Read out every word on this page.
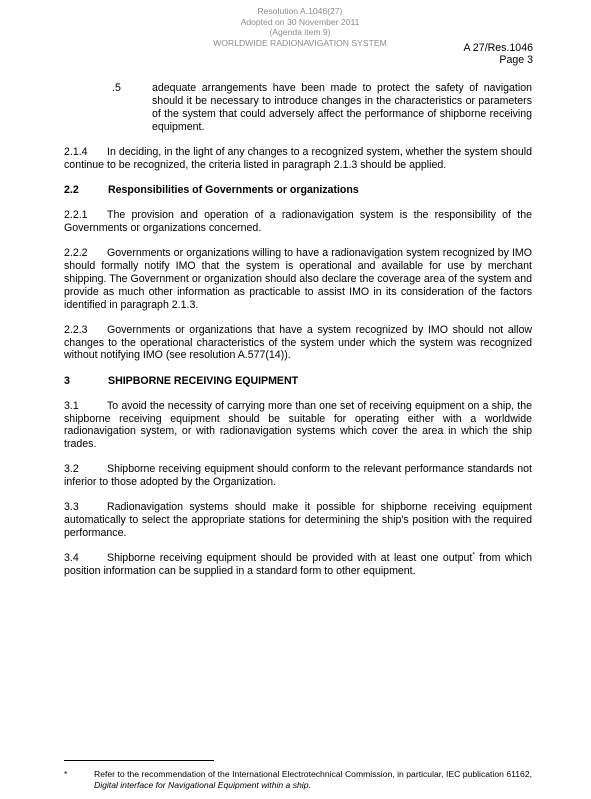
Resolution A.1046(27)
Adopted on 30 November 2011
(Agenda item 9)
WORLDWIDE RADIONAVIGATION SYSTEM	A 27/Res.1046
Page 3
.5	adequate arrangements have been made to protect the safety of navigation should it be necessary to introduce changes in the characteristics or parameters of the system that could adversely affect the performance of shipborne receiving equipment.
2.1.4 In deciding, in the light of any changes to a recognized system, whether the system should continue to be recognized, the criteria listed in paragraph 2.1.3 should be applied.
2.2	Responsibilities of Governments or organizations
2.2.1 The provision and operation of a radionavigation system is the responsibility of the Governments or organizations concerned.
2.2.2 Governments or organizations willing to have a radionavigation system recognized by IMO should formally notify IMO that the system is operational and available for use by merchant shipping. The Government or organization should also declare the coverage area of the system and provide as much other information as practicable to assist IMO in its consideration of the factors identified in paragraph 2.1.3.
2.2.3 Governments or organizations that have a system recognized by IMO should not allow changes to the operational characteristics of the system under which the system was recognized without notifying IMO (see resolution A.577(14)).
3	SHIPBORNE RECEIVING EQUIPMENT
3.1	To avoid the necessity of carrying more than one set of receiving equipment on a ship, the shipborne receiving equipment should be suitable for operating either with a worldwide radionavigation system, or with radionavigation systems which cover the area in which the ship trades.
3.2	Shipborne receiving equipment should conform to the relevant performance standards not inferior to those adopted by the Organization.
3.3	Radionavigation systems should make it possible for shipborne receiving equipment automatically to select the appropriate stations for determining the ship's position with the required performance.
3.4	Shipborne receiving equipment should be provided with at least one output* from which position information can be supplied in a standard form to other equipment.
*	Refer to the recommendation of the International Electrotechnical Commission, in particular, IEC publication 61162, Digital interface for Navigational Equipment within a ship.
